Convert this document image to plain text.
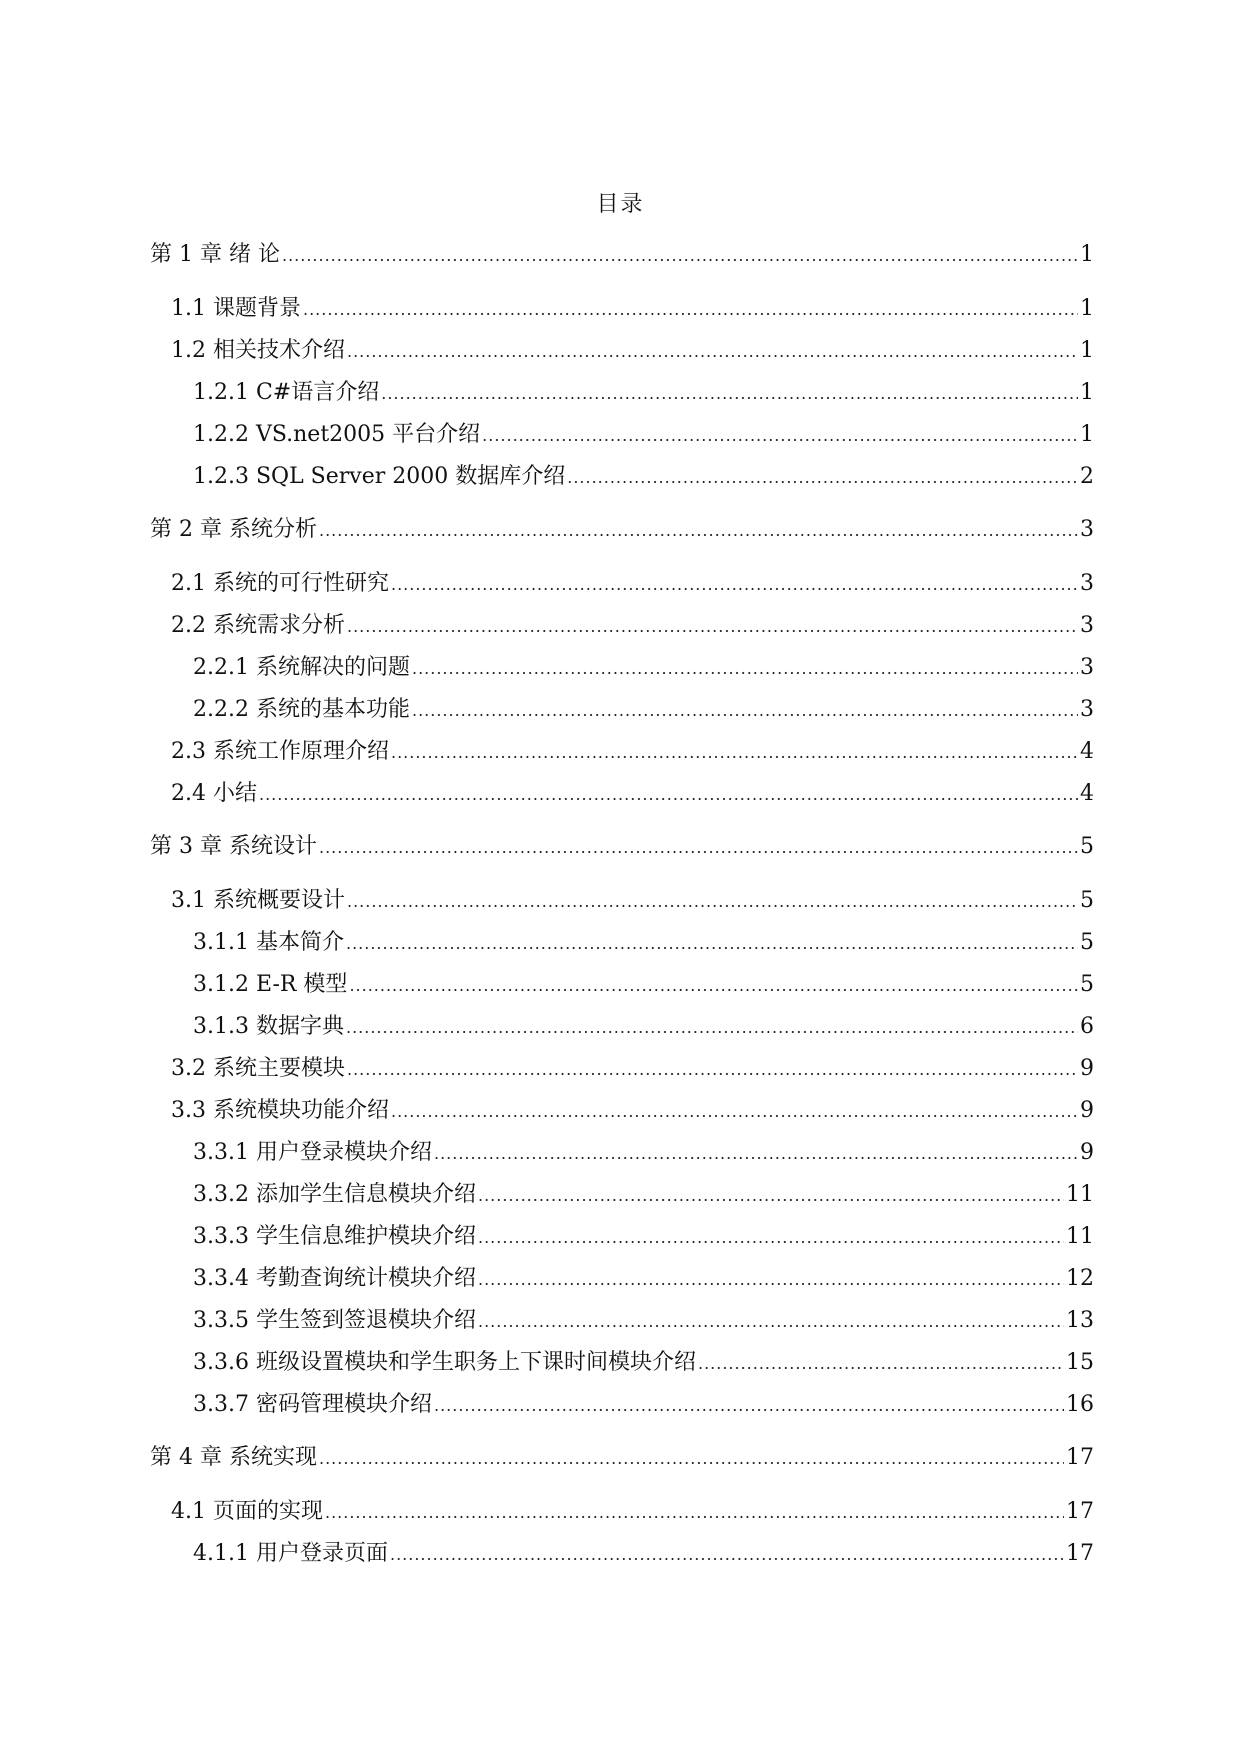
目录
第 1 章 绪 论 .....	1
1.1 课题背景 .....	1
1.2 相关技术介绍 .....	1
1.2.1 C#语言介绍 .....	1
1.2.2 VS.net2005 平台介绍 .....	1
1.2.3 SQL Server 2000 数据库介绍 .....	2
第 2 章 系统分析 .....	3
2.1 系统的可行性研究 .....	3
2.2 系统需求分析 .....	3
2.2.1 系统解决的问题 .....	3
2.2.2 系统的基本功能 .....	3
2.3 系统工作原理介绍 .....	4
2.4 小结 .....	4
第 3 章 系统设计 .....	5
3.1 系统概要设计 .....	5
3.1.1 基本简介 .....	5
3.1.2 E-R 模型 .....	5
3.1.3 数据字典 .....	6
3.2 系统主要模块 .....	9
3.3 系统模块功能介绍 .....	9
3.3.1 用户登录模块介绍 .....	9
3.3.2 添加学生信息模块介绍 .....	11
3.3.3 学生信息维护模块介绍 .....	11
3.3.4 考勤查询统计模块介绍 .....	12
3.3.5 学生签到签退模块介绍 .....	13
3.3.6 班级设置模块和学生职务上下课时间模块介绍 .....	15
3.3.7 密码管理模块介绍 .....	16
第 4 章 系统实现 .....	17
4.1 页面的实现 .....	17
4.1.1 用户登录页面 .....	17
